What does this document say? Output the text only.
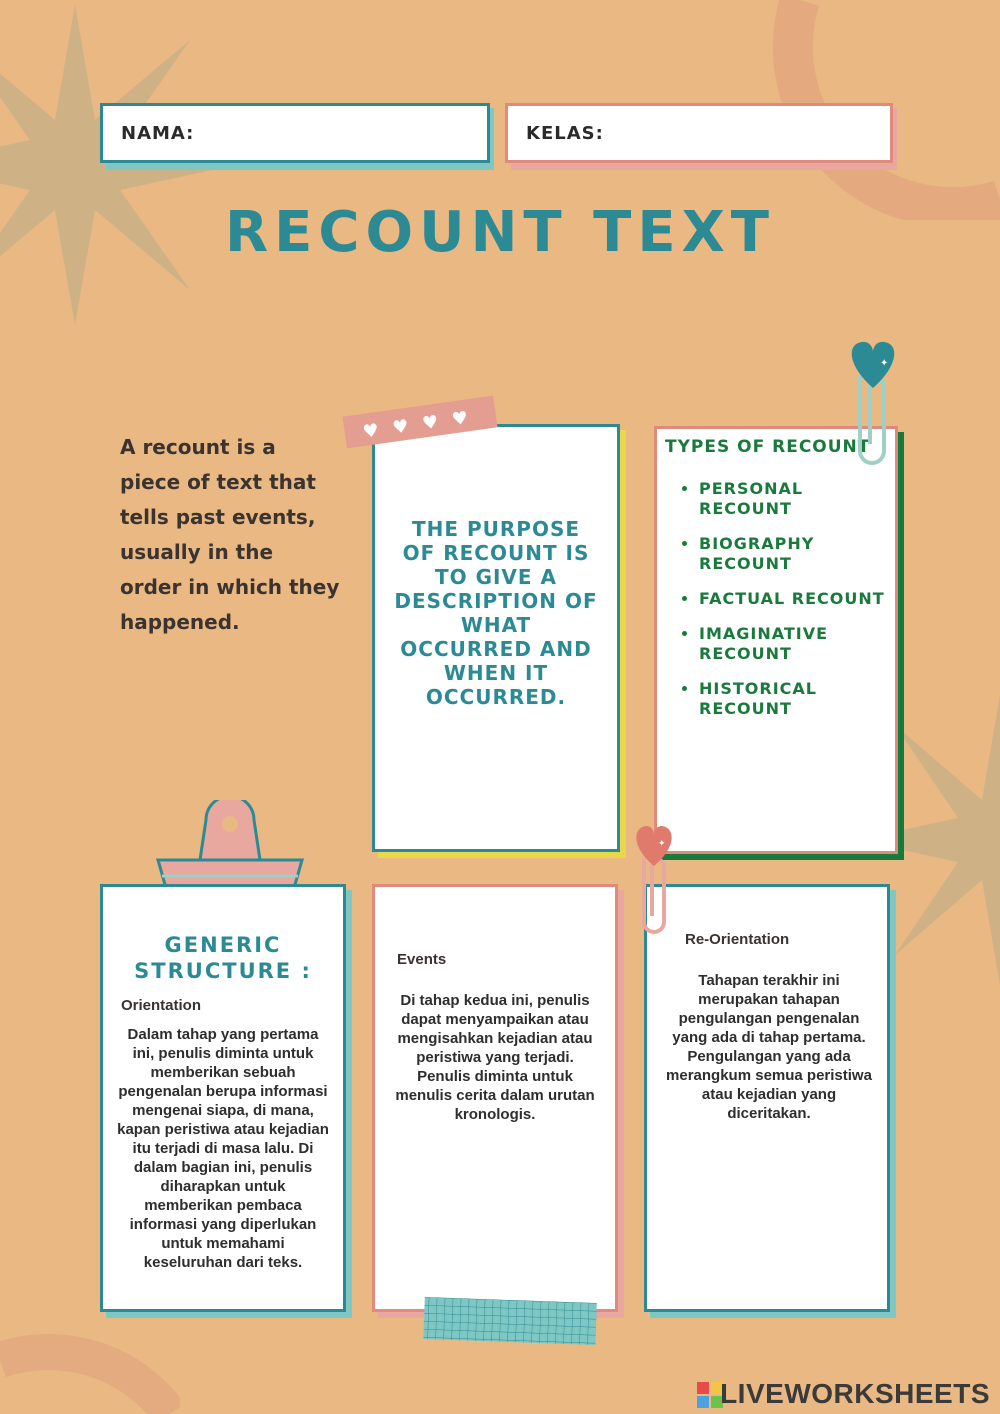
NAMA:	KELAS:
RECOUNT TEXT
A recount is a piece of text that tells past events, usually in the order in which they happened.
THE PURPOSE OF RECOUNT IS TO GIVE A DESCRIPTION OF WHAT OCCURRED AND WHEN IT OCCURRED.
♥ ♥ ♥ ♥
TYPES OF RECOUNT
• PERSONAL RECOUNT
• BIOGRAPHY RECOUNT
• FACTUAL RECOUNT
• IMAGINATIVE RECOUNT
• HISTORICAL RECOUNT
✦
GENERIC STRUCTURE :
Orientation
Dalam tahap yang pertama ini, penulis diminta untuk memberikan sebuah pengenalan berupa informasi mengenai siapa, di mana, kapan peristiwa atau kejadian itu terjadi di masa lalu. Di dalam bagian ini, penulis diharapkan untuk memberikan pembaca informasi yang diperlukan untuk memahami keseluruhan dari teks.
Events
Di tahap kedua ini, penulis dapat menyampaikan atau mengisahkan kejadian atau peristiwa yang terjadi. Penulis diminta untuk menulis cerita dalam urutan kronologis.
Re-Orientation
Tahapan terakhir ini merupakan tahapan pengulangan pengenalan yang ada di tahap pertama. Pengulangan yang ada merangkum semua peristiwa atau kejadian yang diceritakan.
✦
LIVEWORKSHEETS
